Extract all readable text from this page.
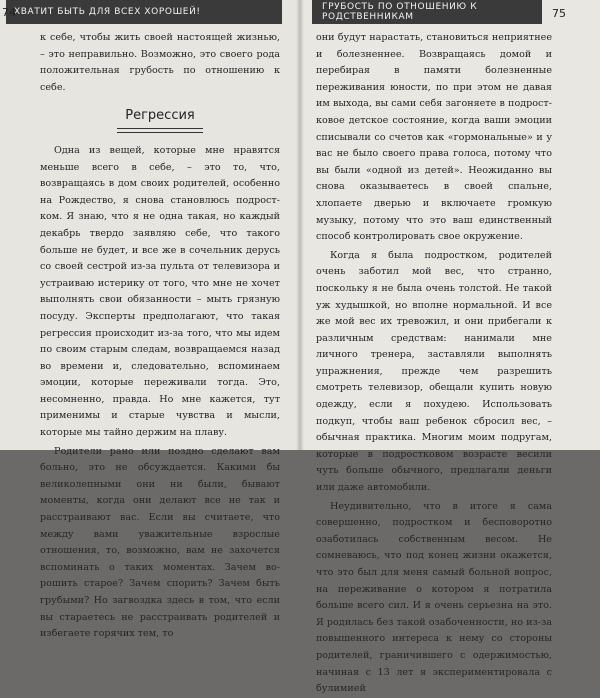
ХВАТИТ БЫТЬ ДЛЯ ВСЕХ ХОРОШЕЙ!
74

к себе, чтобы жить своей настоящей жизнью, – это неправильно. Возможно, это своего рода положительная грубость по отношению к себе.

Регрессия

Одна из вещей, которые мне нравятся меньше всего в себе, – это то, что, возвращаясь в дом своих родителей, особенно на Рождество, я снова становлюсь подростком. Я знаю, что я не одна такая, но каждый декабрь твердо заявляю себе, что такого больше не будет, и все же в сочельник дерусь со своей сестрой из-за пульта от телевизора и устраиваю истерику от того, что мне не хочет выполнять свои обязанности – мыть грязную посуду. Эксперты предполагают, что такая регрессия происходит из-за того, что мы идем по своим старым следам, возвращаемся назад во времени и, следовательно, вспоминаем эмоции, которые переживали тогда. Это, несомненно, правда. Но мне кажется, тут применимы и старые чувства и мысли, которые мы тайно держим на плаву.

Родители рано или поздно сделают вам больно, это не обсуждается. Какими бы великолепными они ни были, бывают моменты, когда они делают все не так и расстраивают вас. Если вы считаете, что между вами уважительные взрослые отношения, то, возможно, вам не захочется вспоминать о таких моментах. Зачем ворошить старое? Зачем спорить? Зачем быть грубыми? Но загвоздка здесь в том, что если вы стараетесь не расстраивать родителей и избегаете горячих тем, то

ГРУБОСТЬ ПО ОТНОШЕНИЮ К РОДСТВЕННИКАМ	75

они будут нарастать, становиться неприятнее и болезненнее. Возвращаясь домой и перебирая в памяти болезненные переживания юности, по при этом не давая им выхода, вы сами себя загоняете в подростковое детское состояние, когда ваши эмоции списывали со счетов как «гормональные» и у вас не было своего права голоса, потому что вы были «одной из детей». Неожиданно вы снова оказываетесь в своей спальне, хлопаете дверью и включаете громкую музыку, потому что это ваш единственный способ контролировать свое окружение.

Когда я была подростком, родителей очень заботил мой вес, что странно, поскольку я не была очень толстой. Не такой уж худышкой, но вполне нормальной. И все же мой вес их тревожил, и они прибегали к различным средствам: нанимали мне личного тренера, заставляли выполнять упражнения, прежде чем разрешить смотреть телевизор, обещали купить новую одежду, если я похудею. Использовать подкуп, чтобы ваш ребенок сбросил вес, – обычная практика. Многим моим подругам, которые в подростковом возрасте весили чуть больше обычного, предлагали деньги или даже автомобили.

Неудивительно, что в итоге я сама совершенно, подростком и бесповоротно озаботилась собственным весом. Не сомневаюсь, что под конец жизни окажется, что это был для меня самый больной вопрос, на переживание о котором я потратила больше всего сил. И я очень серьезна на это. Я родилась без такой озабоченности, но из-за повышенного интереса к нему со стороны родителей, граничившего с одержимостью, начиная с 13 лет я экспериментировала с булимией
